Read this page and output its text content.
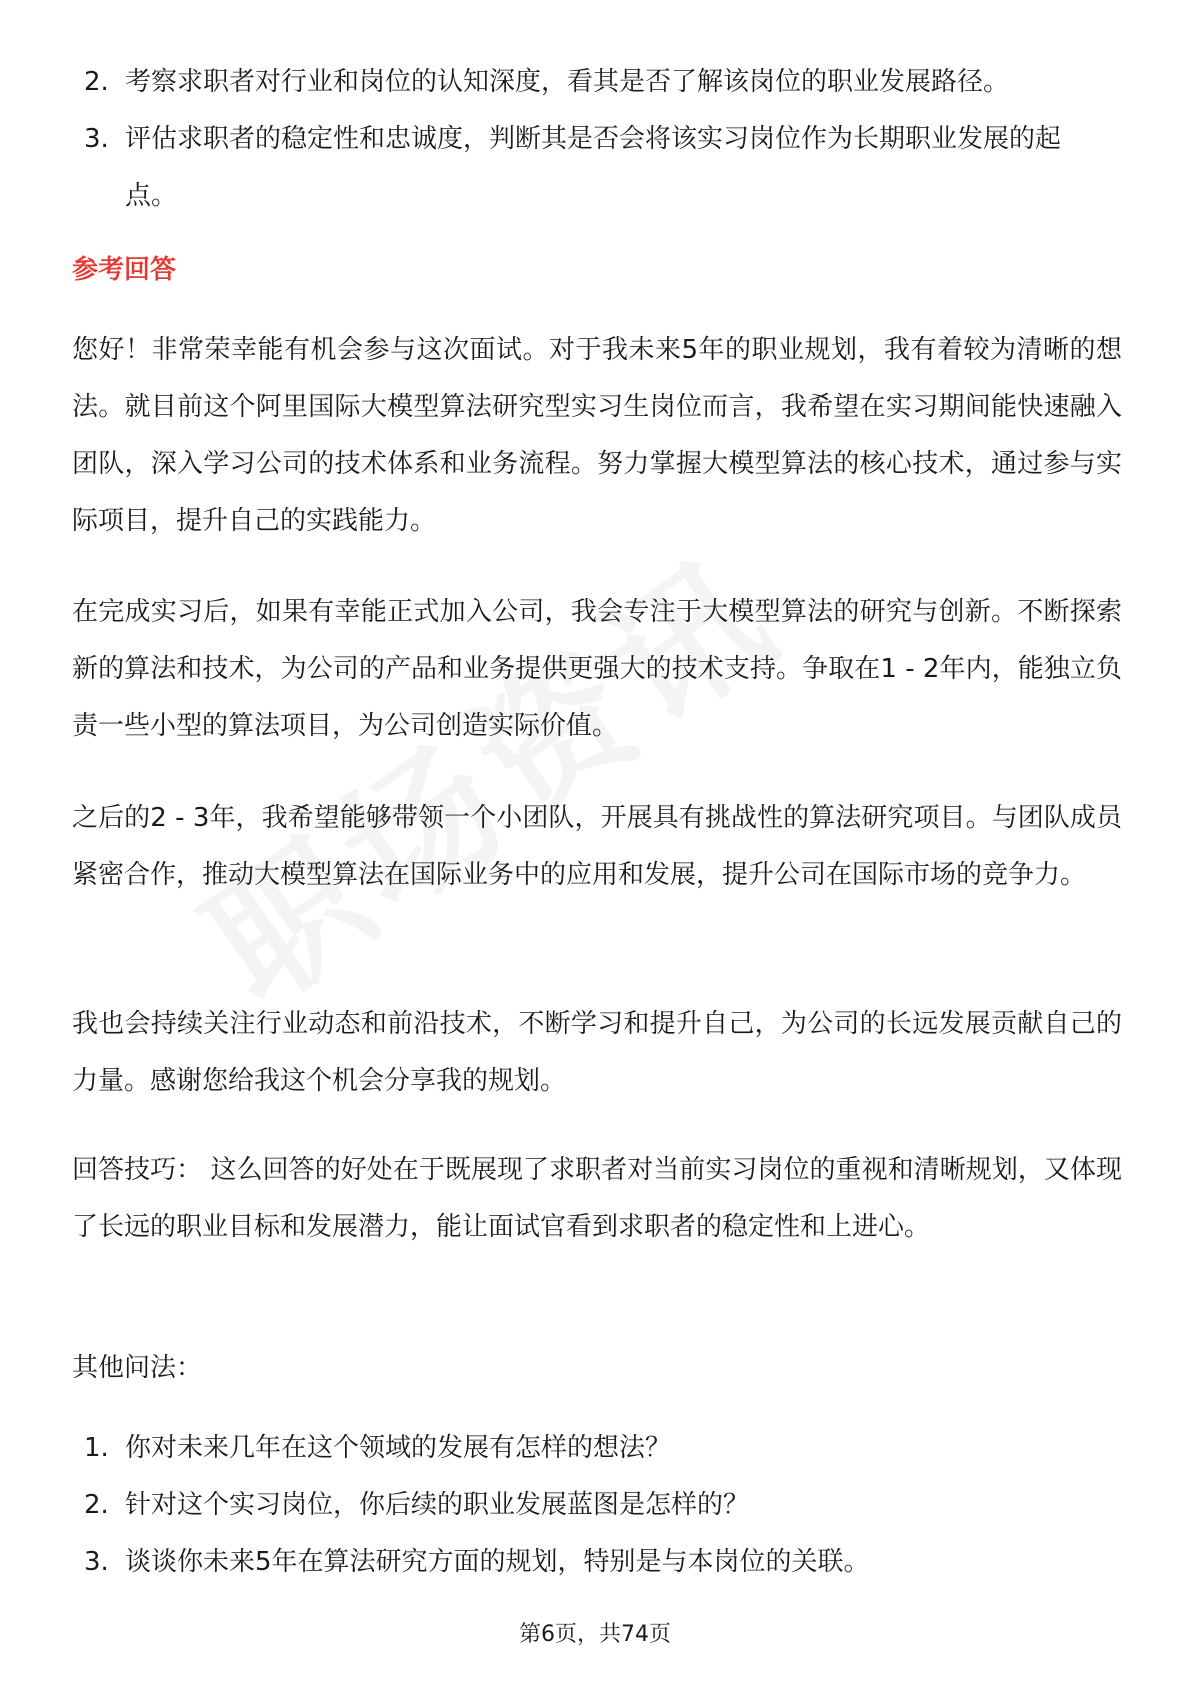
2. 考察求职者对行业和岗位的认知深度，看其是否了解该岗位的职业发展路径。
3. 评估求职者的稳定性和忠诚度，判断其是否会将该实习岗位作为长期职业发展的起点。
参考回答

您好！非常荣幸能有机会参与这次面试。对于我未来5年的职业规划，我有着较为清晰的想法。就目前这个阿里国际大模型算法研究型实习生岗位而言，我希望在实习期间能快速融入团队，深入学习公司的技术体系和业务流程。努力掌握大模型算法的核心技术，通过参与实际项目，提升自己的实践能力。

在完成实习后，如果有幸能正式加入公司，我会专注于大模型算法的研究与创新。不断探索新的算法和技术，为公司的产品和业务提供更强大的技术支持。争取在1 - 2年内，能独立负责一些小型的算法项目，为公司创造实际价值。

之后的2 - 3年，我希望能够带领一个小团队，开展具有挑战性的算法研究项目。与团队成员紧密合作，推动大模型算法在国际业务中的应用和发展，提升公司在国际市场的竞争力。

我也会持续关注行业动态和前沿技术，不断学习和提升自己，为公司的长远发展贡献自己的力量。感谢您给我这个机会分享我的规划。

回答技巧： 这么回答的好处在于既展现了求职者对当前实习岗位的重视和清晰规划，又体现了长远的职业目标和发展潜力，能让面试官看到求职者的稳定性和上进心。

其他问法：

1. 你对未来几年在这个领域的发展有怎样的想法？
2. 针对这个实习岗位，你后续的职业发展蓝图是怎样的？
3. 谈谈你未来5年在算法研究方面的规划，特别是与本岗位的关联。
第6页，共74页
